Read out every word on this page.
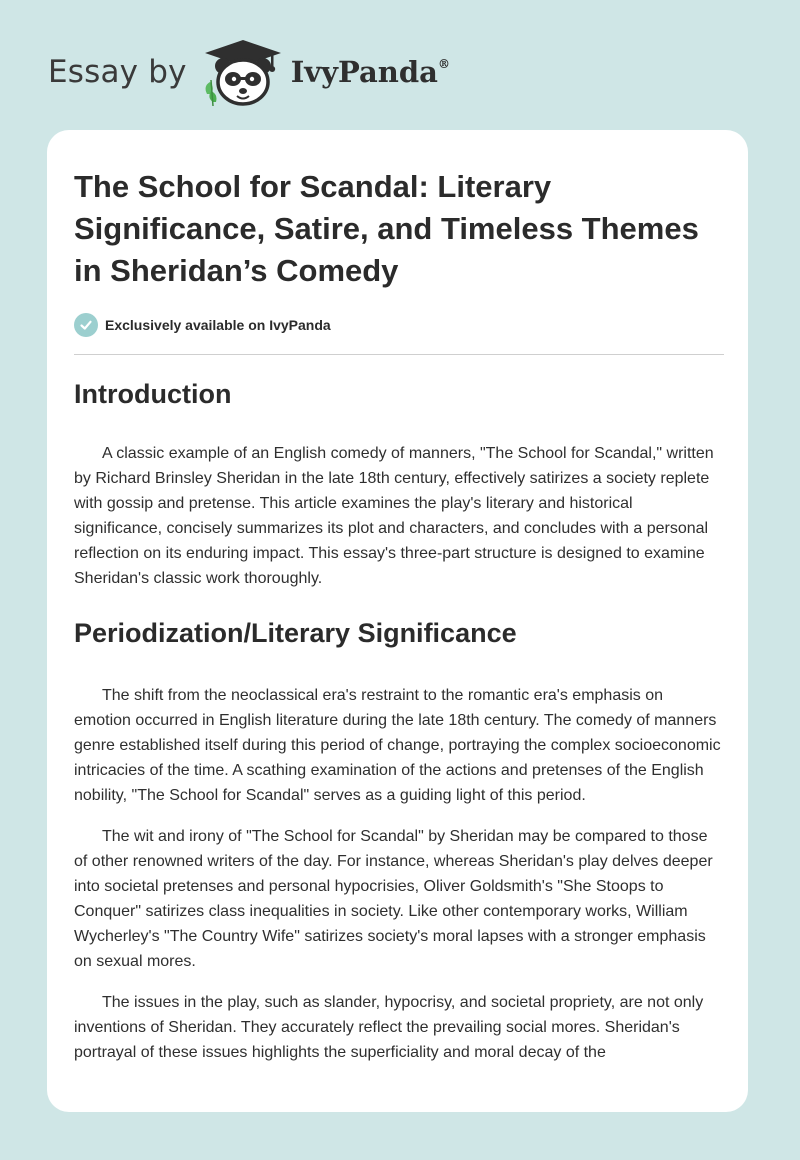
Essay by	IvyPanda®
The School for Scandal: Literary Significance, Satire, and Timeless Themes in Sheridan’s Comedy
Exclusively available on IvyPanda
Introduction

A classic example of an English comedy of manners, "The School for Scandal," written by Richard Brinsley Sheridan in the late 18th century, effectively satirizes a society replete with gossip and pretense. This article examines the play's literary and historical significance, concisely summarizes its plot and characters, and concludes with a personal reflection on its enduring impact. This essay's three-part structure is designed to examine Sheridan's classic work thoroughly.

Periodization/Literary Significance

The shift from the neoclassical era's restraint to the romantic era's emphasis on emotion occurred in English literature during the late 18th century. The comedy of manners genre established itself during this period of change, portraying the complex socioeconomic intricacies of the time. A scathing examination of the actions and pretenses of the English nobility, "The School for Scandal" serves as a guiding light of this period.

The wit and irony of "The School for Scandal" by Sheridan may be compared to those of other renowned writers of the day. For instance, whereas Sheridan's play delves deeper into societal pretenses and personal hypocrisies, Oliver Goldsmith's "She Stoops to Conquer" satirizes class inequalities in society. Like other contemporary works, William Wycherley's "The Country Wife" satirizes society's moral lapses with a stronger emphasis on sexual mores.

The issues in the play, such as slander, hypocrisy, and societal propriety, are not only inventions of Sheridan. They accurately reflect the prevailing social mores. Sheridan's portrayal of these issues highlights the superficiality and moral decay of the
